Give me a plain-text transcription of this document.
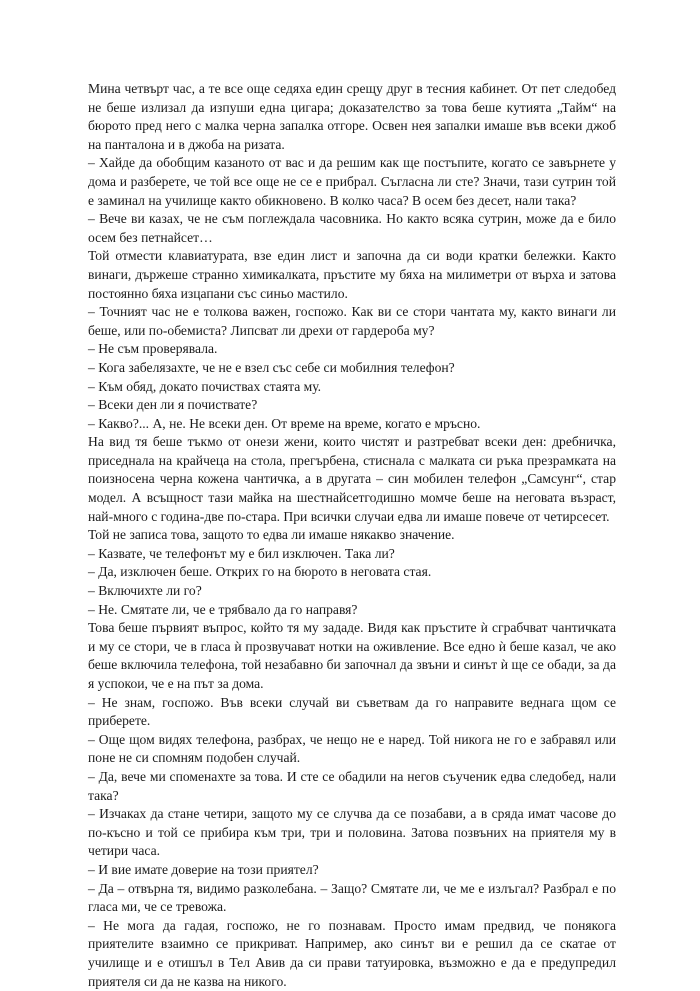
Мина четвърт час, а те все още седяха един срещу друг в тесния кабинет. От пет следобед не беше излизал да изпуши една цигара; доказателство за това беше кутията „Тайм“ на бюрото пред него с малка черна запалка отгоре. Освен нея запалки имаше във всеки джоб на панталона и в джоба на ризата.

– Хайде да обобщим казаното от вас и да решим как ще постъпите, когато се завърнете у дома и разберете, че той все още не се е прибрал. Съгласна ли сте? Значи, тази сутрин той е заминал на училище както обикновено. В колко часа? В осем без десет, нали така?

– Вече ви казах, че не съм поглеждала часовника. Но както всяка сутрин, може да е било осем без петнайсет…

Той отмести клавиатурата, взе един лист и започна да си води кратки бележки. Както винаги, държеше странно химикалката, пръстите му бяха на милиметри от върха и затова постоянно бяха изцапани със синьо мастило.

– Точният час не е толкова важен, госпожо. Как ви се стори чантата му, както винаги ли беше, или по-обемиста? Липсват ли дрехи от гардероба му?

– Не съм проверявала.

– Кога забелязахте, че не е взел със себе си мобилния телефон?

– Към обяд, докато почиствах стаята му.

– Всеки ден ли я почиствате?

– Какво?... А, не. Не всеки ден. От време на време, когато е мръсно.

На вид тя беше тъкмо от онези жени, които чистят и разтребват всеки ден: дребничка, приседнала на крайчеца на стола, прегърбена, стиснала с малката си ръка презрамката на поизносена черна кожена чантичка, а в другата – син мобилен телефон „Самсунг“, стар модел. А всъщност тази майка на шестнайсетгодишно момче беше на неговата възраст, най-много с година-две по-стара. При всички случаи едва ли имаше повече от четирсесет.

Той не записа това, защото то едва ли имаше някакво значение.

– Казвате, че телефонът му е бил изключен. Така ли?

– Да, изключен беше. Открих го на бюрото в неговата стая.

– Включихте ли го?

– Не. Смятате ли, че е трябвало да го направя?

Това беше първият въпрос, който тя му зададе. Видя как пръстите ѝ сграбчват чантичката и му се стори, че в гласа ѝ прозвучават нотки на оживление. Все едно ѝ беше казал, че ако беше включила телефона, той незабавно би започнал да звъни и синът ѝ ще се обади, за да я успокои, че е на път за дома.

– Не знам, госпожо. Във всеки случай ви съветвам да го направите веднага щом се приберете.

– Още щом видях телефона, разбрах, че нещо не е наред. Той никога не го е забравял или поне не си спомням подобен случай.

– Да, вече ми споменахте за това. И сте се обадили на негов съученик едва следобед, нали така?

– Изчаках да стане четири, защото му се случва да се позабави, а в сряда имат часове до по-късно и той се прибира към три, три и половина. Затова позвъних на приятеля му в четири часа.

– И вие имате доверие на този приятел?

– Да – отвърна тя, видимо разколебана. – Защо? Смятате ли, че ме е излъгал? Разбрал е по гласа ми, че се тревожа.

– Не мога да гадая, госпожо, не го познавам. Просто имам предвид, че понякога приятелите взаимно се прикриват. Например, ако синът ви е решил да се скатае от училище и е отишъл в Тел Авив да си прави татуировка, възможно е да е предупредил приятеля си да не казва на никого.
